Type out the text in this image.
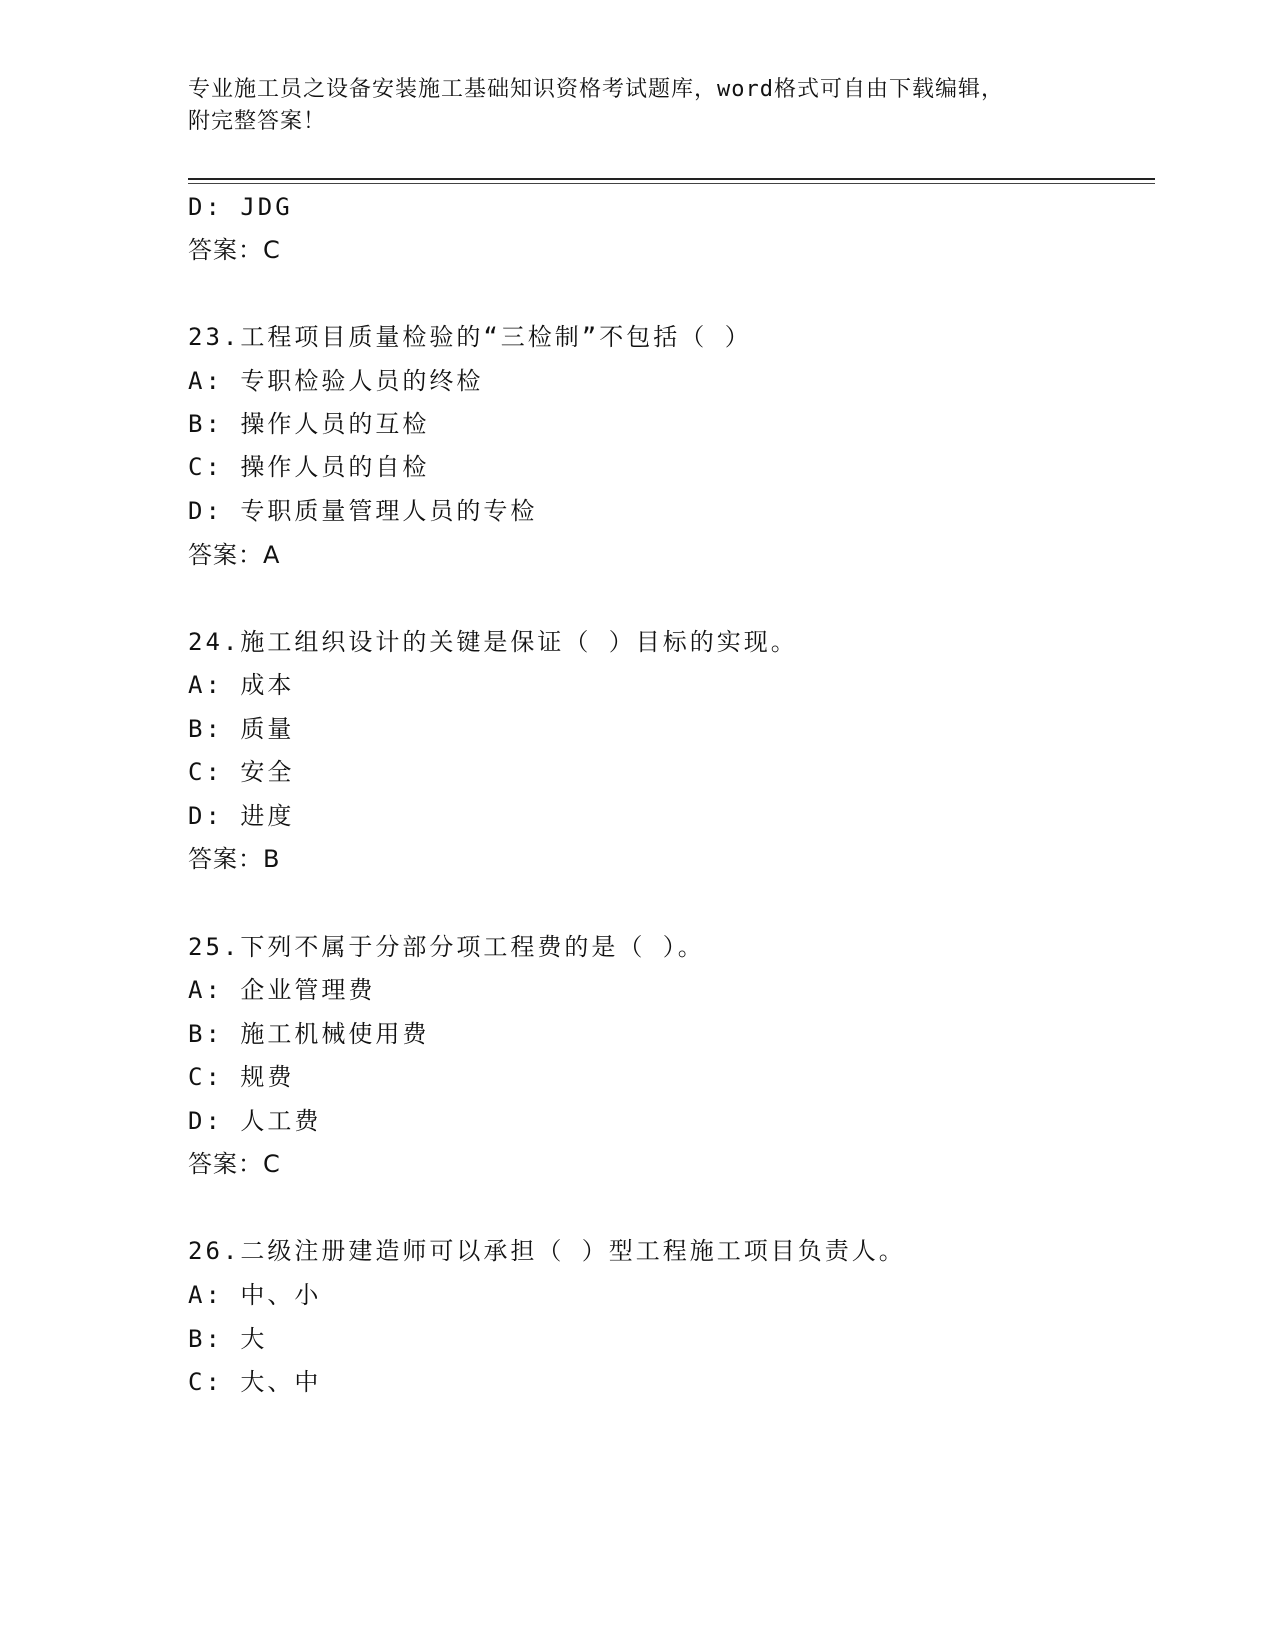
专业施工员之设备安装施工基础知识资格考试题库，word格式可自由下载编辑，
附完整答案！
D: JDG
答案：C
23.工程项目质量检验的“三检制”不包括（ ）
A: 专职检验人员的终检
B: 操作人员的互检
C: 操作人员的自检
D: 专职质量管理人员的专检
答案：A
24.施工组织设计的关键是保证（ ）目标的实现。
A: 成本
B: 质量
C: 安全
D: 进度
答案：B
25.下列不属于分部分项工程费的是（ ）。
A: 企业管理费
B: 施工机械使用费
C: 规费
D: 人工费
答案：C
26.二级注册建造师可以承担（ ）型工程施工项目负责人。
A: 中、小
B: 大
C: 大、中
